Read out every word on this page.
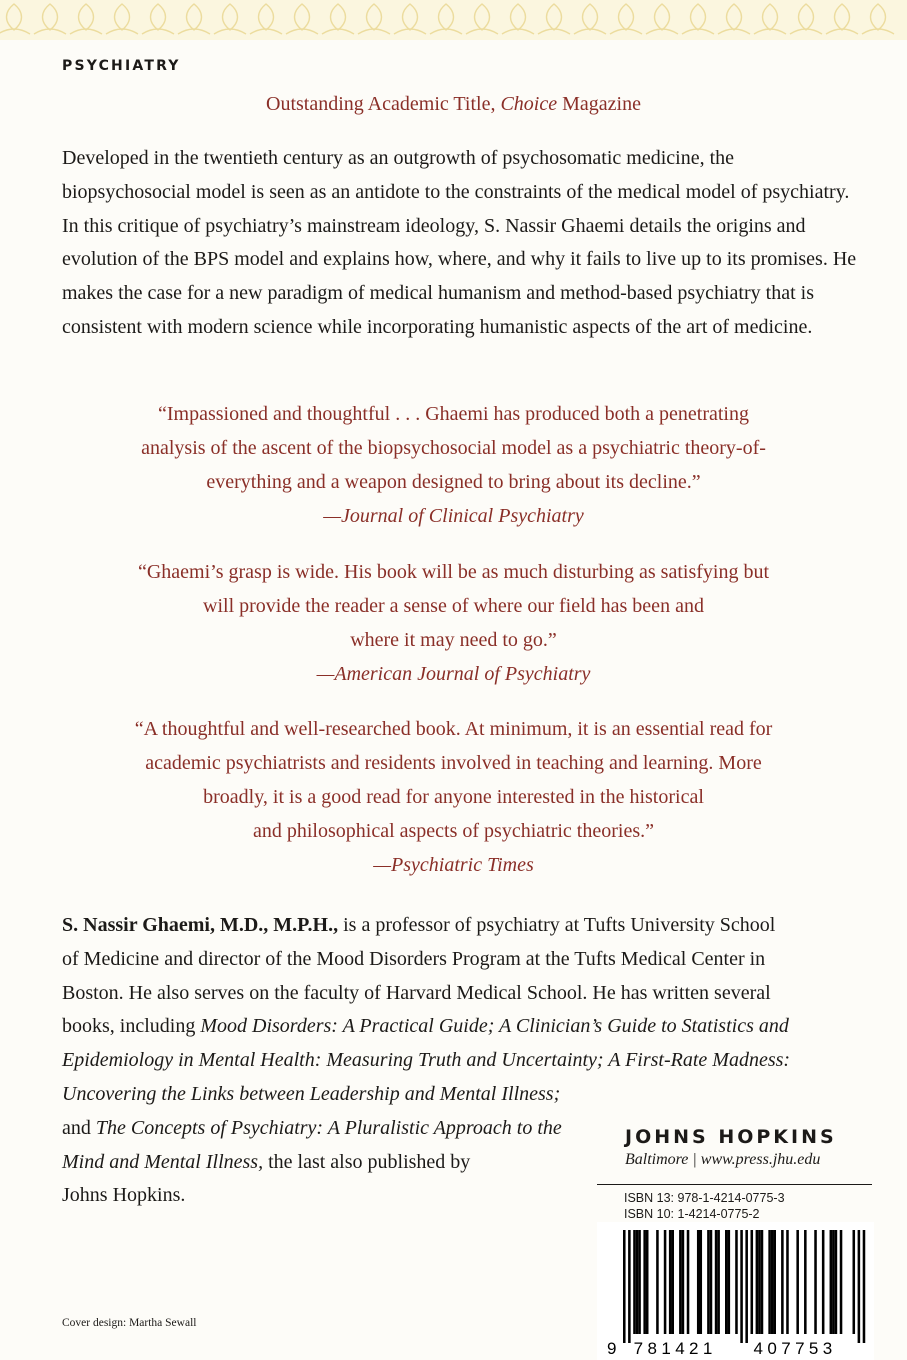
PSYCHIATRY

Outstanding Academic Title, Choice Magazine

Developed in the twentieth century as an outgrowth of psychosomatic medicine, the biopsychosocial model is seen as an antidote to the constraints of the medical model of psychiatry. In this critique of psychiatry’s mainstream ideology, S. Nassir Ghaemi details the origins and evolution of the BPS model and explains how, where, and why it fails to live up to its promises. He makes the case for a new paradigm of medical humanism and method-based psychiatry that is consistent with modern science while incorporating humanistic aspects of the art of medicine.

“Impassioned and thoughtful . . . Ghaemi has produced both a penetrating
analysis of the ascent of the biopsychosocial model as a psychiatric theory-of-
everything and a weapon designed to bring about its decline.”
—Journal of Clinical Psychiatry
“Ghaemi’s grasp is wide. His book will be as much disturbing as satisfying but
will provide the reader a sense of where our field has been and
where it may need to go.”
—American Journal of Psychiatry
“A thoughtful and well-researched book. At minimum, it is an essential read for
academic psychiatrists and residents involved in teaching and learning. More
broadly, it is a good read for anyone interested in the historical
and philosophical aspects of psychiatric theories.”
—Psychiatric Times
S. Nassir Ghaemi, M.D., M.P.H., is a professor of psychiatry at Tufts University School
of Medicine and director of the Mood Disorders Program at the Tufts Medical Center in
Boston. He also serves on the faculty of Harvard Medical School. He has written several
books, including Mood Disorders: A Practical Guide; A Clinician’s Guide to Statistics and
Epidemiology in Mental Health: Measuring Truth and Uncertainty; A First-Rate Madness:
Uncovering the Links between Leadership and Mental Illness;
and The Concepts of Psychiatry: A Pluralistic Approach to the
Mind and Mental Illness, the last also published by
Johns Hopkins.
JOHNS HOPKINS
Baltimore | www.press.jhu.edu
ISBN 13: 978-1-4214-0775-3
ISBN 10: 1-4214-0775-2
9 781421 407753
Cover design: Martha Sewall
